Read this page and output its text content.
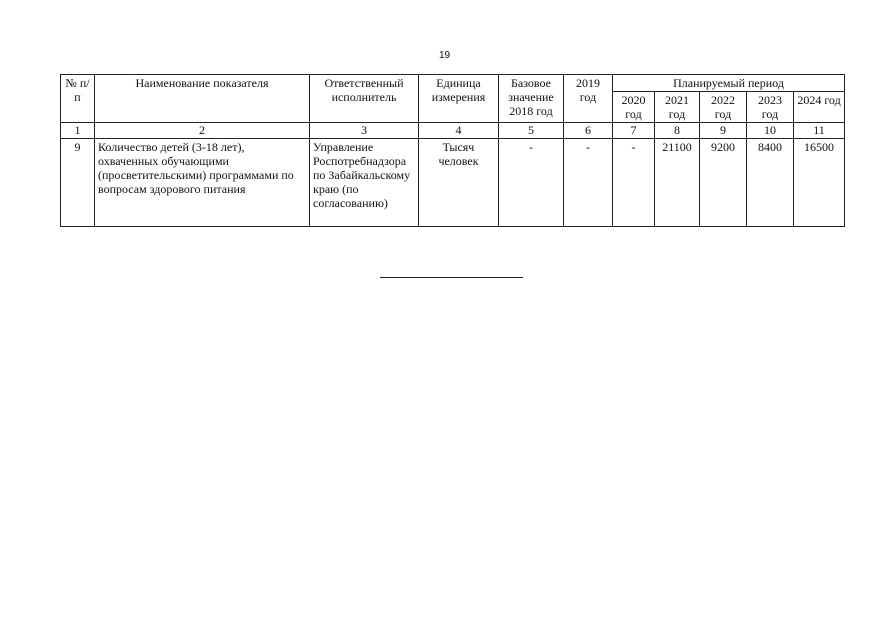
19
№ п/п	Наименование показателя	Ответственный исполнитель	Единица измерения	Базовое значение 2018 год	2019 год	Планируемый период				
						2020 год	2021 год	2022 год	2023 год	2024 год
1	2	3	4	5	6	7	8	9	10	11
9	Количество детей (3-18 лет), охваченных обучающими (просветительскими) программами по вопросам здорового питания	Управление Роспотребнадзора по Забайкальскому краю (по согласованию)	Тысяч человек	-	-	-	21100	9200	8400	16500
